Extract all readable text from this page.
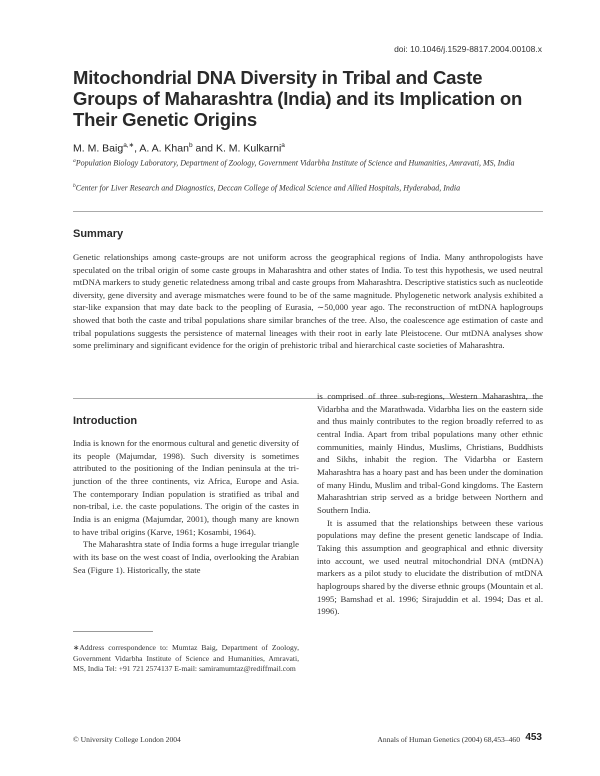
doi: 10.1046/j.1529-8817.2004.00108.x
Mitochondrial DNA Diversity in Tribal and Caste Groups of Maharashtra (India) and its Implication on Their Genetic Origins
M. M. Baig$^{a,∗}$, A. A. Khan$^b$ and K. M. Kulkarni$^a$
$^a$Population Biology Laboratory, Department of Zoology, Government Vidarbha Institute of Science and Humanities, Amravati, MS, India
$^b$Center for Liver Research and Diagnostics, Deccan College of Medical Science and Allied Hospitals, Hyderabad, India
Summary

Genetic relationships among caste-groups are not uniform across the geographical regions of India. Many anthropologists have speculated on the tribal origin of some caste groups in Maharashtra and other states of India. To test this hypothesis, we used neutral mtDNA markers to study genetic relatedness among tribal and caste groups from Maharashtra. Descriptive statistics such as nucleotide diversity, gene diversity and average mismatches were found to be of the same magnitude. Phylogenetic network analysis exhibited a star-like expansion that may date back to the peopling of Eurasia, ∼50,000 year ago. The reconstruction of mtDNA haplogroups showed that both the caste and tribal populations share similar branches of the tree. Also, the coalescence age estimation of caste and tribal populations suggests the persistence of maternal lineages with their root in early late Pleistocene. Our mtDNA analyses show some preliminary and significant evidence for the origin of prehistoric tribal and hierarchical caste societies of Maharashtra.

Introduction

India is known for the enormous cultural and genetic diversity of its people (Majumdar, 1998). Such diversity is sometimes attributed to the positioning of the Indian peninsula at the tri-junction of the three continents, viz Africa, Europe and Asia. The contemporary Indian population is stratified as tribal and non-tribal, i.e. the caste populations. The origin of the castes in India is an enigma (Majumdar, 2001), though many are known to have tribal origins (Karve, 1961; Kosambi, 1964).

The Maharashtra state of India forms a huge irregular triangle with its base on the west coast of India, overlooking the Arabian Sea (Figure 1). Historically, the state

is comprised of three sub-regions, Western Maharashtra, the Vidarbha and the Marathwada. Vidarbha lies on the eastern side and thus mainly contributes to the region broadly referred to as central India. Apart from tribal populations many other ethnic communities, mainly Hindus, Muslims, Christians, Buddhists and Sikhs, inhabit the region. The Vidarbha or Eastern Maharashtra has a hoary past and has been under the domination of many Hindu, Muslim and tribal-Gond kingdoms. The Eastern Maharashtrian strip served as a bridge between Northern and Southern India.

It is assumed that the relationships between these various populations may define the present genetic landscape of India. Taking this assumption and geographical and ethnic diversity into account, we used neutral mitochondrial DNA (mtDNA) markers as a pilot study to elucidate the distribution of mtDNA haplogroups shared by the diverse ethnic groups (Mountain et al. 1995; Bamshad et al. 1996; Sirajuddin et al. 1994; Das et al. 1996).

∗Address correspondence to: Mumtaz Baig, Department of Zoology, Government Vidarbha Institute of Science and Humanities, Amravati, MS, India Tel: +91 721 2574137 E-mail: samiramumtaz@rediffmail.com

© University College London 2004	Annals of Human Genetics (2004) 68,453–460 453
